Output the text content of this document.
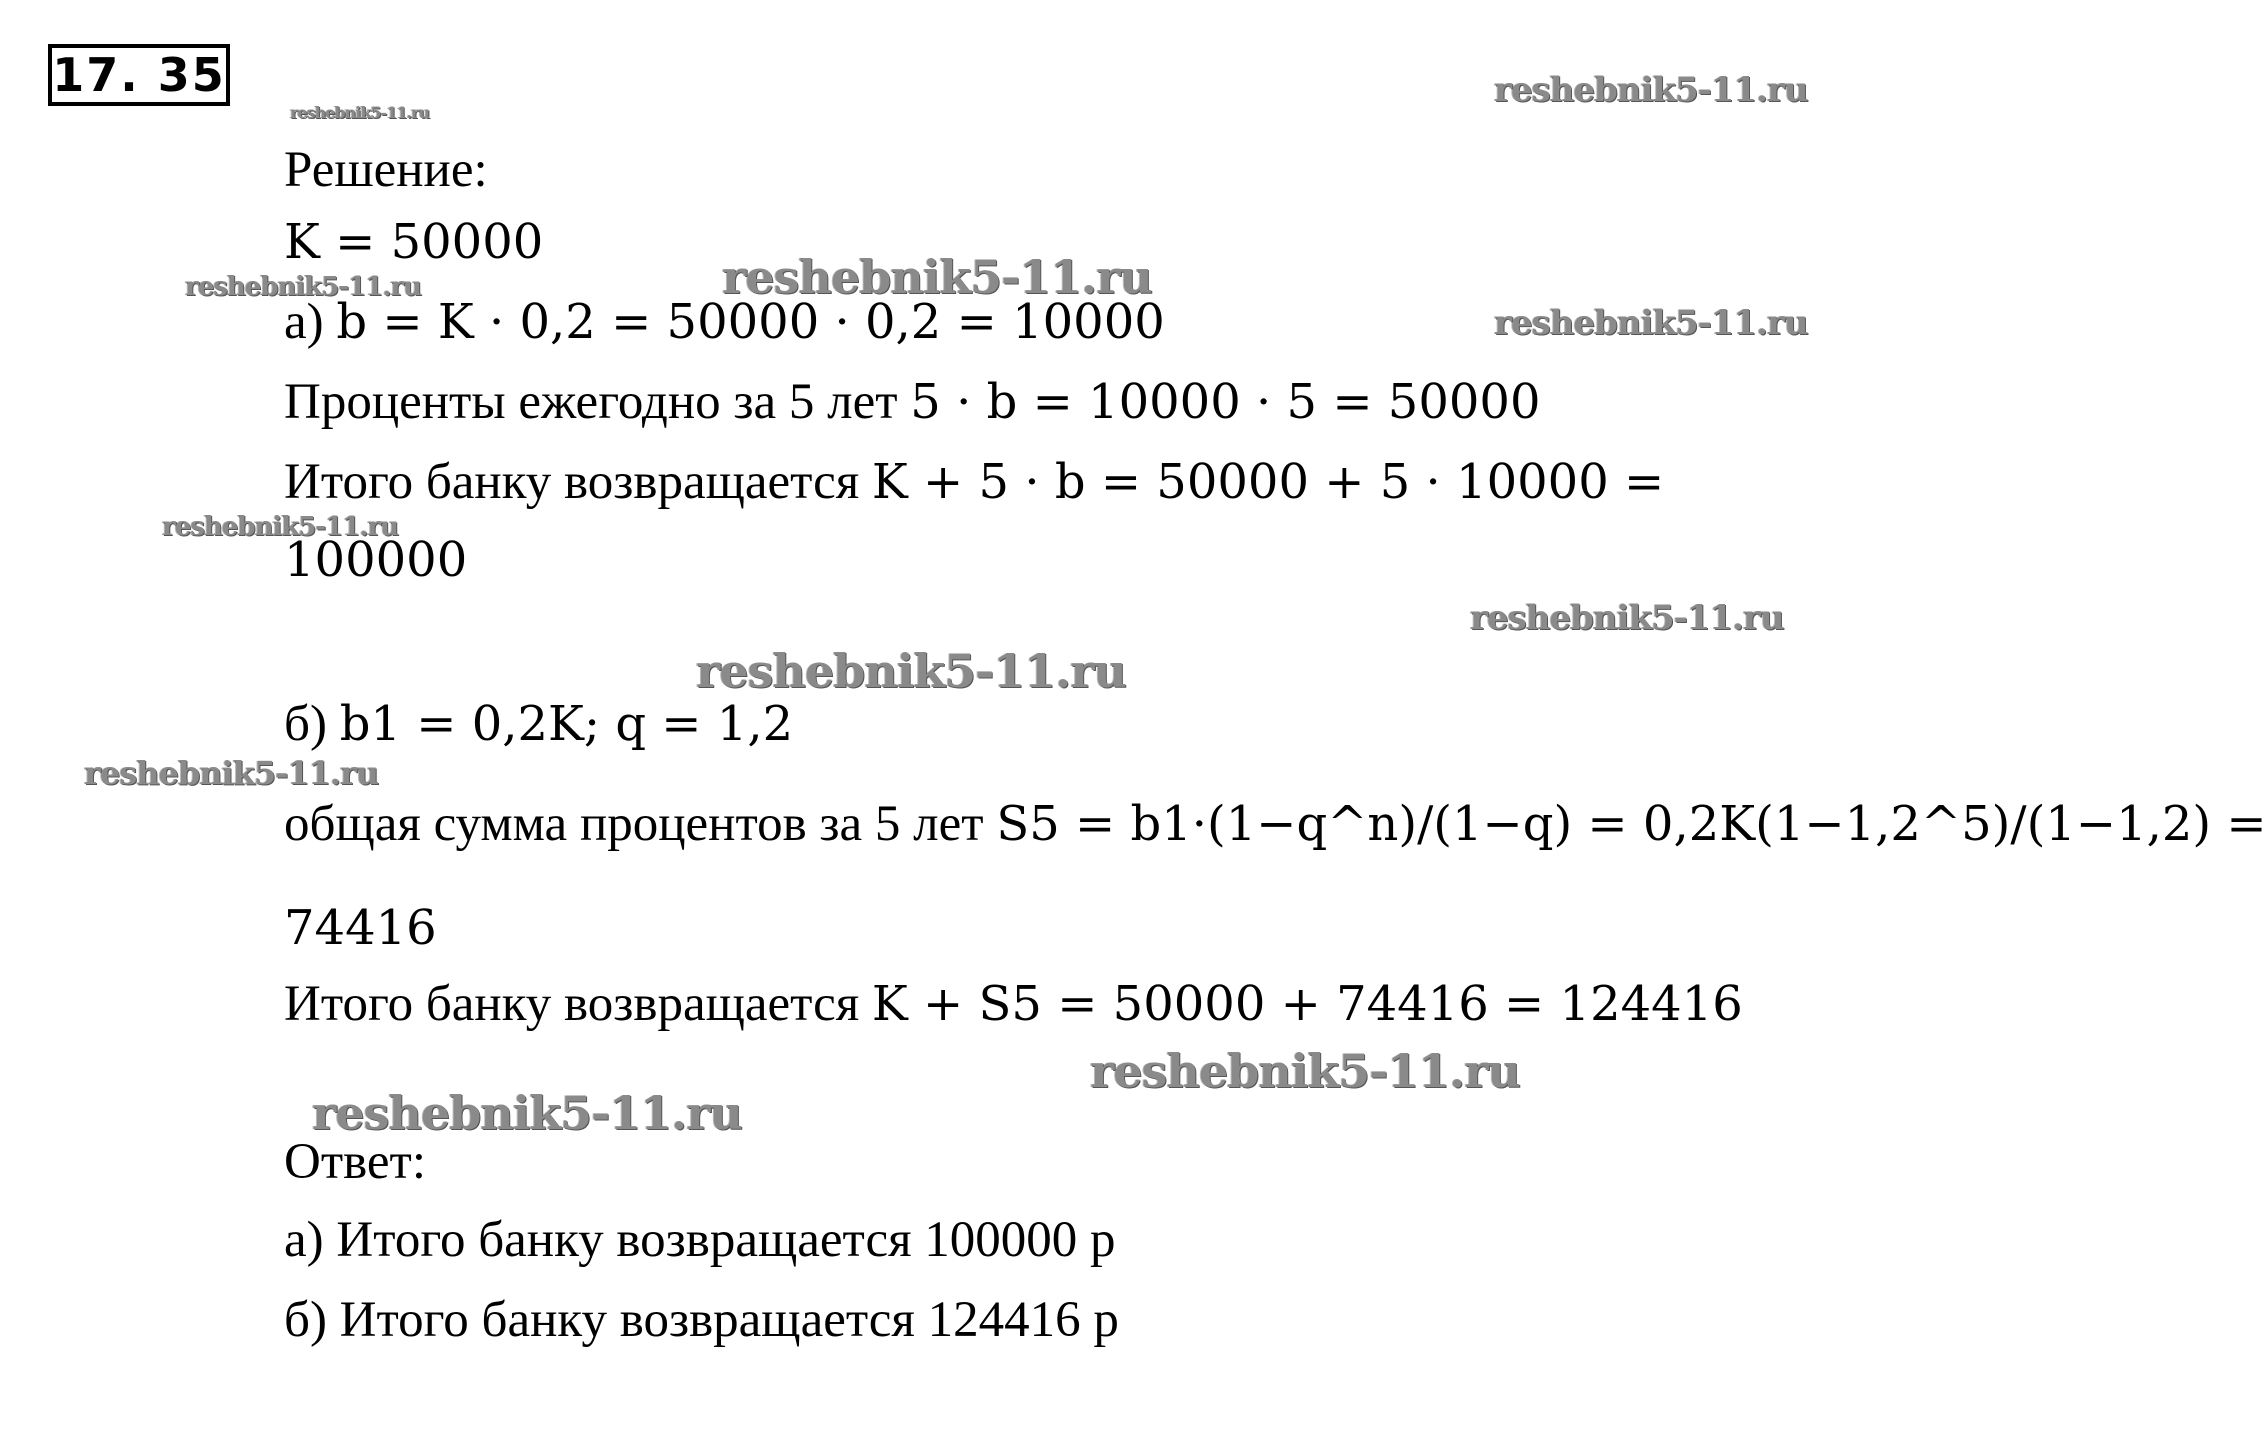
17. 35	reshebnik5-11.ru
reshebnik5-11.ru
reshebnik5-11.ru	reshebnik5-11.ru
reshebnik5-11.ru
reshebnik5-11.ru
reshebnik5-11.ru
reshebnik5-11.ru
reshebnik5-11.ru
reshebnik5-11.ru
reshebnik5-11.ru
Решение:
K = 50000
а) b = K · 0,2 = 50000 · 0,2 = 10000
Проценты ежегодно за 5 лет 5 · b = 10000 · 5 = 50000
Итого банку возвращается K + 5 · b = 50000 + 5 · 10000 =
100000
б) b1 = 0,2K; q = 1,2
общая сумма процентов за 5 лет S5 = b1·(1−q^n)/(1−q) = 0,2K(1−1,2^5)/(1−1,2) =
74416
Итого банку возвращается K + S5 = 50000 + 74416 = 124416
Ответ:
а) Итого банку возвращается 100000 р
б) Итого банку возвращается 124416 р
